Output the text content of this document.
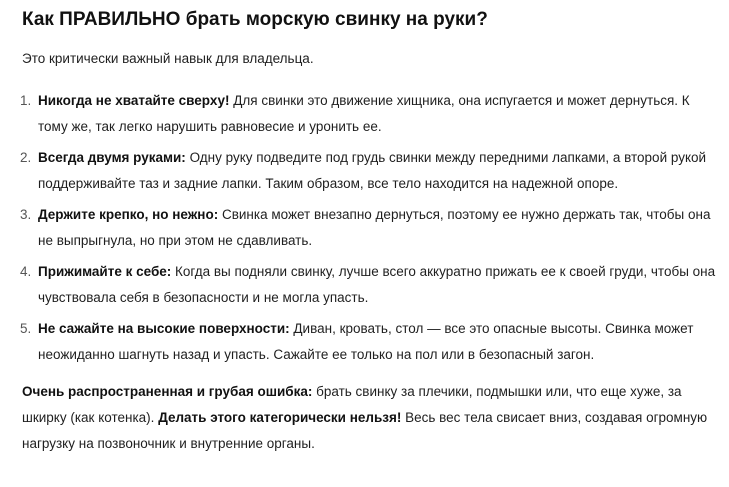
Как ПРАВИЛЬНО брать морскую свинку на руки?

Это критически важный навык для владельца.

1. Никогда не хватайте сверху! Для свинки это движение хищника, она испугается и может дернуться. К тому же, так легко нарушить равновесие и уронить ее.
2. Всегда двумя руками: Одну руку подведите под грудь свинки между передними лапками, а второй рукой поддерживайте таз и задние лапки. Таким образом, все тело находится на надежной опоре.
3. Держите крепко, но нежно: Свинка может внезапно дернуться, поэтому ее нужно держать так, чтобы она не выпрыгнула, но при этом не сдавливать.
4. Прижимайте к себе: Когда вы подняли свинку, лучше всего аккуратно прижать ее к своей груди, чтобы она чувствовала себя в безопасности и не могла упасть.
5. Не сажайте на высокие поверхности: Диван, кровать, стол — все это опасные высоты. Свинка может неожиданно шагнуть назад и упасть. Сажайте ее только на пол или в безопасный загон.

Очень распространенная и грубая ошибка: брать свинку за плечики, подмышки или, что еще хуже, за шкирку (как котенка). Делать этого категорически нельзя! Весь вес тела свисает вниз, создавая огромную нагрузку на позвоночник и внутренние органы.
